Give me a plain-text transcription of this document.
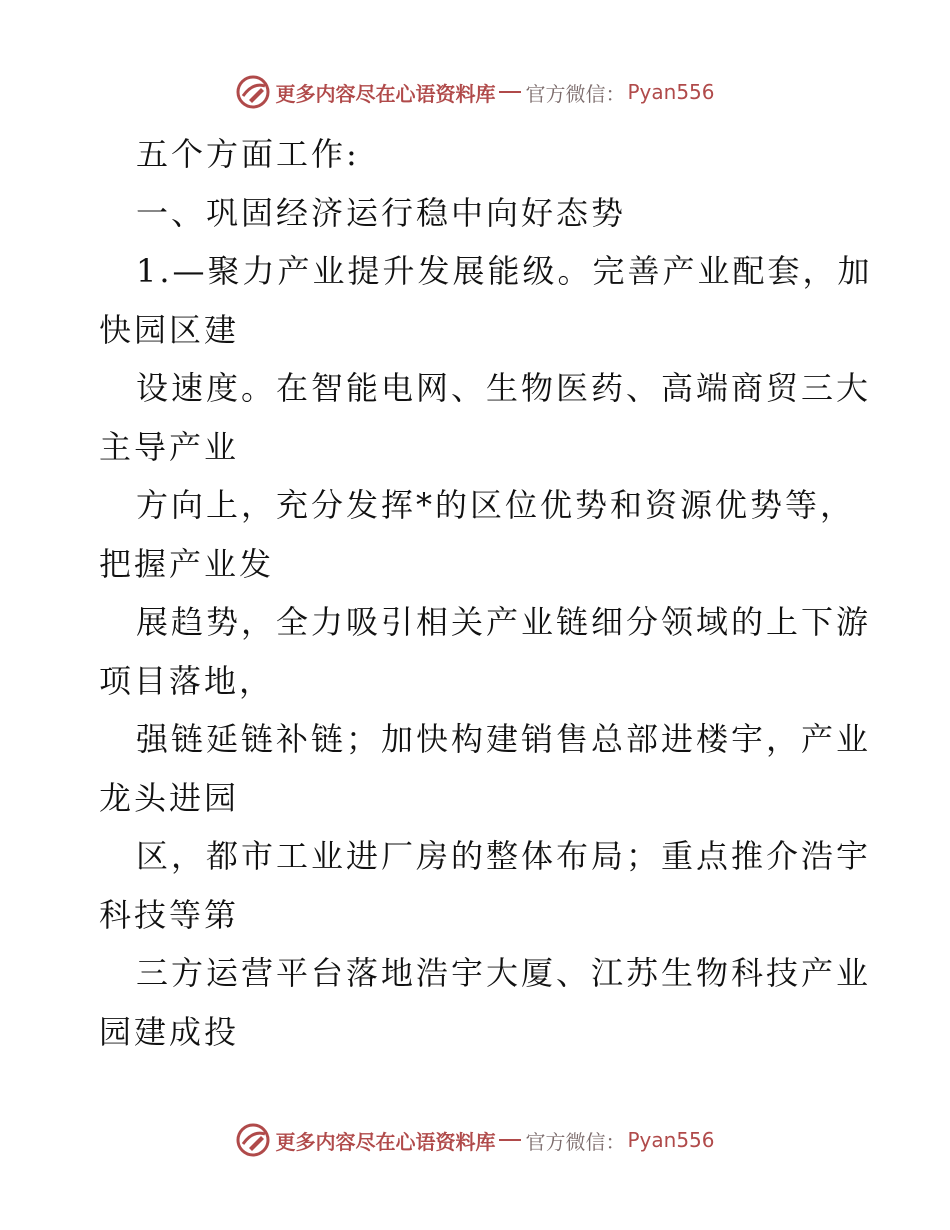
更多内容尽在心语资料库 官方微信： Pyan556
五个方面工作:
一、巩固经济运行稳中向好态势
1.—聚力产业提升发展能级。完善产业配套，加
快园区建
设速度。在智能电网、生物医药、高端商贸三大
主导产业
方向上，充分发挥*的区位优势和资源优势等，
把握产业发
展趋势，全力吸引相关产业链细分领域的上下游
项目落地，
强链延链补链；加快构建销售总部进楼宇，产业
龙头进园
区，都市工业进厂房的整体布局；重点推介浩宇
科技等第
三方运营平台落地浩宇大厦、江苏生物科技产业
园建成投
更多内容尽在心语资料库 官方微信： Pyan556
